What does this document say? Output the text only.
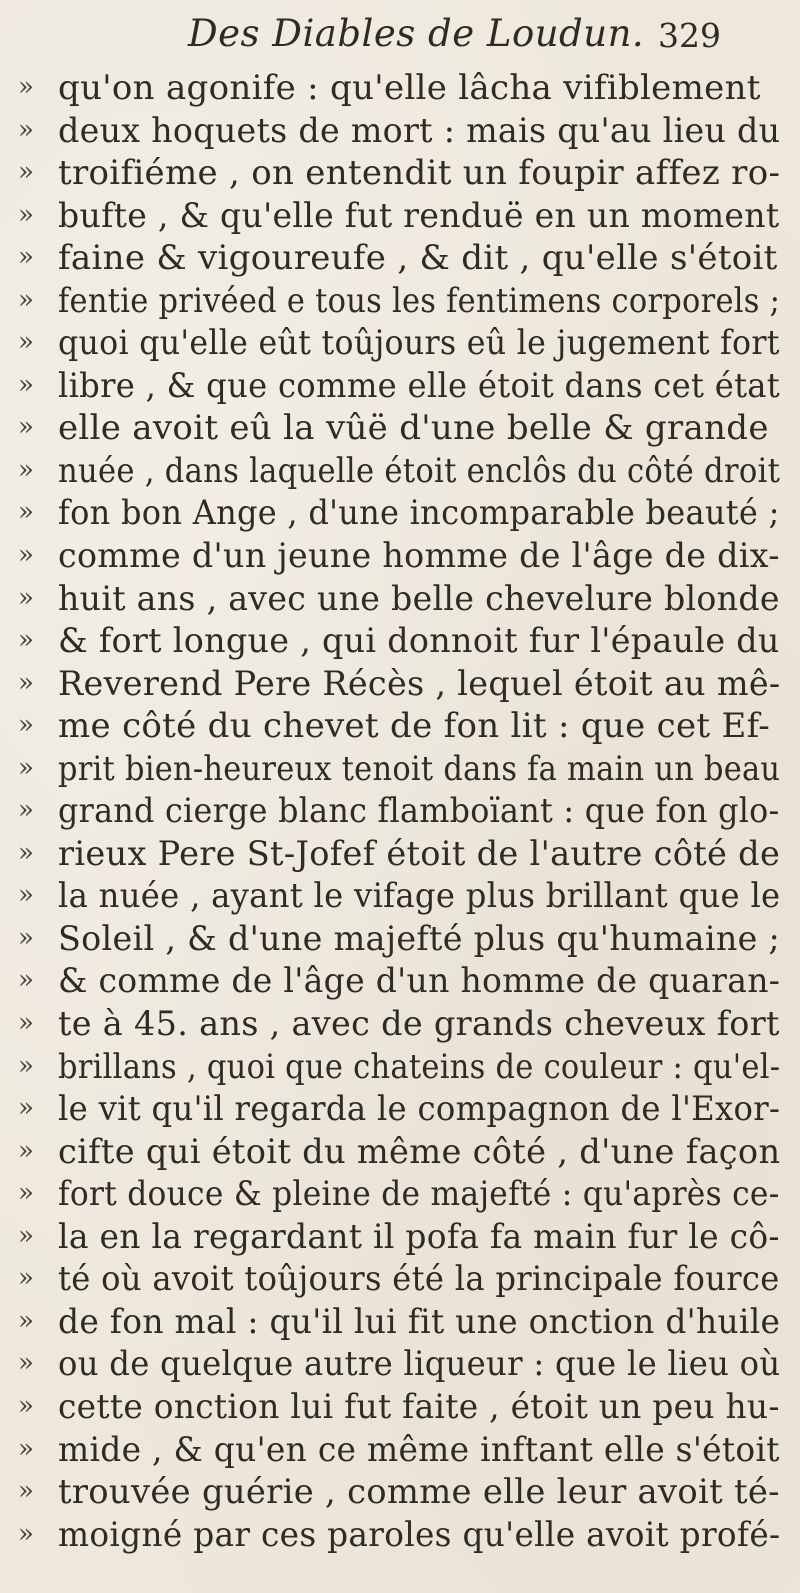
Des Diables de Loudun. 329
» qu'on agonife : qu'elle lâcha vifiblement
» deux hoquets de mort : mais qu'au lieu du
» troifiéme , on entendit un foupir affez ro-
» bufte , & qu'elle fut renduë en un moment
» faine & vigoureufe , & dit , qu'elle s'étoit
» fentie privéed e tous les fentimens corporels ;
» quoi qu'elle eût toûjours eû le jugement fort
» libre , & que comme elle étoit dans cet état
» elle avoit eû la vûë d'une belle & grande
» nuée , dans laquelle étoit enclôs du côté droit
» fon bon Ange , d'une incomparable beauté ;
» comme d'un jeune homme de l'âge de dix-
» huit ans , avec une belle chevelure blonde
» & fort longue , qui donnoit fur l'épaule du
» Reverend Pere Récès , lequel étoit au mê-
» me côté du chevet de fon lit : que cet Ef-
» prit bien-heureux tenoit dans fa main un beau
» grand cierge blanc flamboïant : que fon glo-
» rieux Pere St-Jofef étoit de l'autre côté de
» la nuée , ayant le vifage plus brillant que le
» Soleil , & d'une majefté plus qu'humaine ;
» & comme de l'âge d'un homme de quaran-
» te à 45. ans , avec de grands cheveux fort
» brillans , quoi que chateins de couleur : qu'el-
» le vit qu'il regarda le compagnon de l'Exor-
» cifte qui étoit du même côté , d'une façon
» fort douce & pleine de majefté : qu'après ce-
» la en la regardant il pofa fa main fur le cô-
» té où avoit toûjours été la principale fource
» de fon mal : qu'il lui fit une onction d'huile
» ou de quelque autre liqueur : que le lieu où
» cette onction lui fut faite , étoit un peu hu-
» mide , & qu'en ce même inftant elle s'étoit
» trouvée guérie , comme elle leur avoit té-
» moigné par ces paroles qu'elle avoit profé-
